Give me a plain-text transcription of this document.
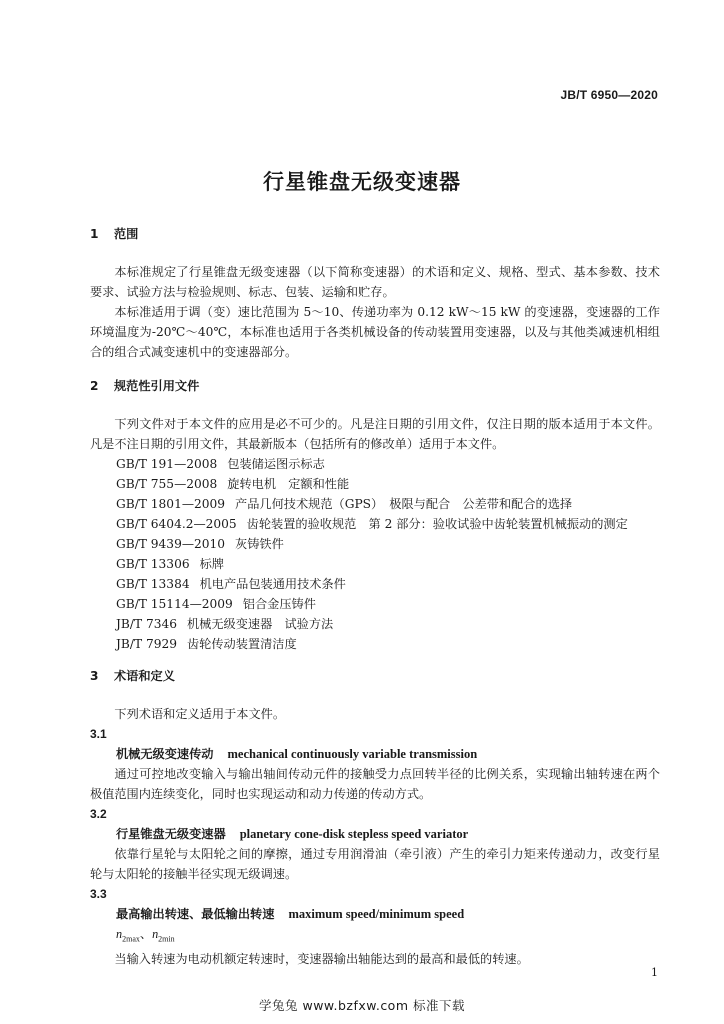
JB/T 6950—2020
行星锥盘无级变速器
1 范围
本标准规定了行星锥盘无级变速器（以下简称变速器）的术语和定义、规格、型式、基本参数、技术要求、试验方法与检验规则、标志、包装、运输和贮存。
本标准适用于调（变）速比范围为 5～10、传递功率为 0.12 kW～15 kW 的变速器，变速器的工作环境温度为-20℃～40℃，本标准也适用于各类机械设备的传动装置用变速器，以及与其他类减速机相组合的组合式减变速机中的变速器部分。
2 规范性引用文件
下列文件对于本文件的应用是必不可少的。凡是注日期的引用文件，仅注日期的版本适用于本文件。凡是不注日期的引用文件，其最新版本（包括所有的修改单）适用于本文件。
GB/T 191—2008 包装储运图示标志
GB/T 755—2008 旋转电机　定额和性能
GB/T 1801—2009 产品几何技术规范（GPS）　极限与配合　公差带和配合的选择
GB/T 6404.2—2005 齿轮装置的验收规范　第 2 部分：验收试验中齿轮装置机械振动的测定
GB/T 9439—2010 灰铸铁件
GB/T 13306 标牌
GB/T 13384 机电产品包装通用技术条件
GB/T 15114—2009 铝合金压铸件
JB/T 7346 机械无级变速器　试验方法
JB/T 7929 齿轮传动装置清洁度
3 术语和定义
下列术语和定义适用于本文件。
3.1
机械无级变速传动 mechanical continuously variable transmission
通过可控地改变输入与输出轴间传动元件的接触受力点回转半径的比例关系，实现输出轴转速在两个极值范围内连续变化，同时也实现运动和动力传递的传动方式。
3.2
行星锥盘无级变速器 planetary cone-disk stepless speed variator
依靠行星轮与太阳轮之间的摩擦，通过专用润滑油（牵引液）产生的牵引力矩来传递动力，改变行星轮与太阳轮的接触半径实现无级调速。
3.3
最高输出转速、最低输出转速 maximum speed/minimum speed
$n_{2max}$、$n_{2min}$
当输入转速为电动机额定转速时，变速器输出轴能达到的最高和最低的转速。
1
学兔兔 www.bzfxw.com 标准下载
